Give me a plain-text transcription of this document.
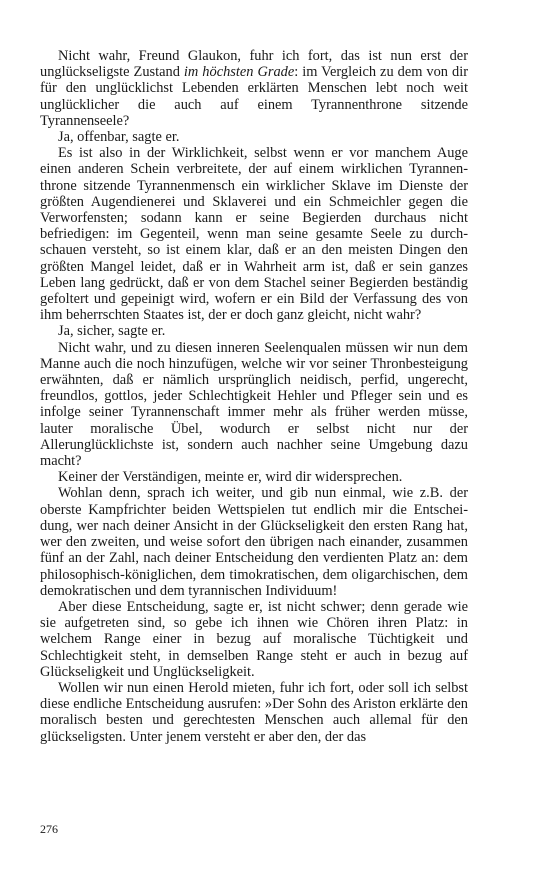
Nicht wahr, Freund Glaukon, fuhr ich fort, das ist nun erst der unglückseligste Zustand im höchsten Grade: im Vergleich zu dem von dir für den unglücklichst Lebenden erklärten Menschen lebt noch weit unglücklicher die auch auf einem Tyrannenthrone sitzende Tyrannenseele?

Ja, offenbar, sagte er.

Es ist also in der Wirklichkeit, selbst wenn er vor manchem Auge einen anderen Schein verbreitete, der auf einem wirklichen Tyrannenthrone sitzende Tyrannenmensch ein wirklicher Sklave im Dienste der größten Augendienerei und Sklaverei und ein Schmeichler gegen die Verworfensten; sodann kann er seine Begierden durchaus nicht befriedigen: im Gegenteil, wenn man seine gesamte Seele zu durchschauen versteht, so ist einem klar, daß er an den meisten Dingen den größten Mangel leidet, daß er in Wahrheit arm ist, daß er sein ganzes Leben lang gedrückt, daß er von dem Stachel seiner Begierden beständig gefoltert und gepeinigt wird, wofern er ein Bild der Verfassung des von ihm beherrschten Staates ist, der er doch ganz gleicht, nicht wahr?

Ja, sicher, sagte er.

Nicht wahr, und zu diesen inneren Seelenqualen müssen wir nun dem Manne auch die noch hinzufügen, welche wir vor seiner Thronbesteigung erwähnten, daß er nämlich ursprünglich neidisch, perfid, ungerecht, freundlos, gottlos, jeder Schlechtigkeit Hehler und Pfleger sein und es infolge seiner Tyrannenschaft immer mehr als früher werden müsse, lauter moralische Übel, wodurch er selbst nicht nur der Allerunglücklichste ist, sondern auch nachher seine Umgebung dazu macht?

Keiner der Verständigen, meinte er, wird dir widersprechen.

Wohlan denn, sprach ich weiter, und gib nun einmal, wie z.B. der oberste Kampfrichter beiden Wettspielen tut endlich mir die Entscheidung, wer nach deiner Ansicht in der Glückseligkeit den ersten Rang hat, wer den zweiten, und weise sofort den übrigen nach einander, zusammen fünf an der Zahl, nach deiner Entscheidung den verdienten Platz an: dem philosophisch-königlichen, dem timokratischen, dem oligarchischen, dem demokratischen und dem tyrannischen Individuum!

Aber diese Entscheidung, sagte er, ist nicht schwer; denn gerade wie sie aufgetreten sind, so gebe ich ihnen wie Chören ihren Platz: in welchem Range einer in bezug auf moralische Tüchtigkeit und Schlechtigkeit steht, in demselben Range steht er auch in bezug auf Glückseligkeit und Unglückseligkeit.

Wollen wir nun einen Herold mieten, fuhr ich fort, oder soll ich selbst diese endliche Entscheidung ausrufen: »Der Sohn des Ariston erklärte den moralisch besten und gerechtesten Menschen auch allemal für den glückseligsten. Unter jenem versteht er aber den, der das

276
